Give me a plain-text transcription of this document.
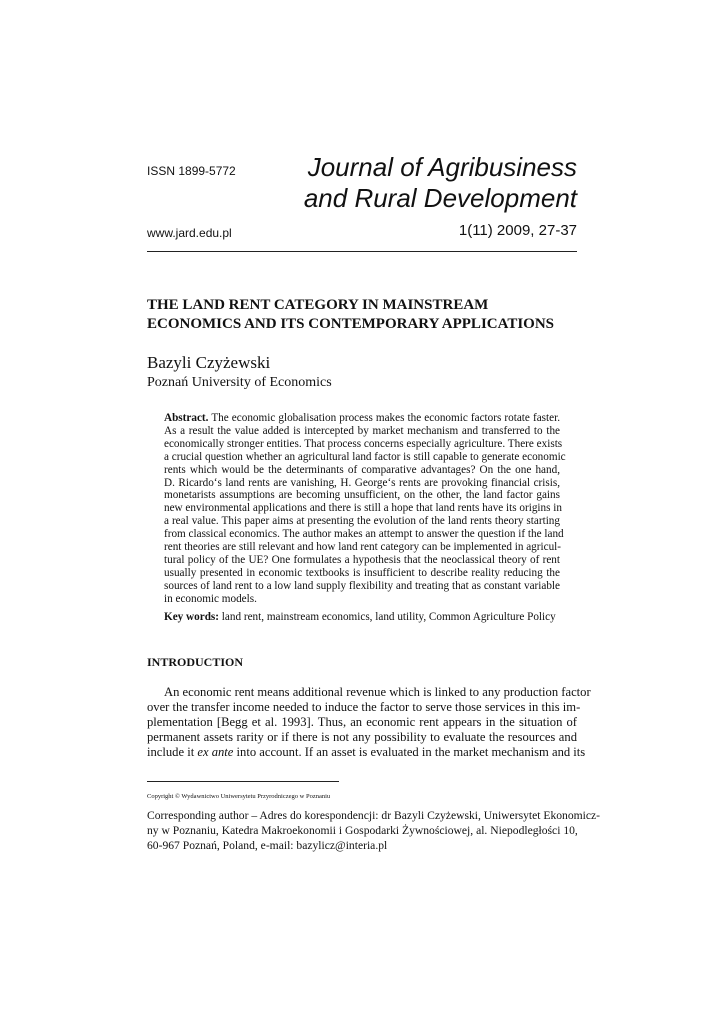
ISSN 1899-5772	Journal of Agribusiness
and Rural Development
www.jard.edu.pl	1(11) 2009, 27-37
THE LAND RENT CATEGORY IN MAINSTREAM
ECONOMICS AND ITS CONTEMPORARY APPLICATIONS
Bazyli Czyżewski
Poznań University of Economics
Abstract. The economic globalisation process makes the economic factors rotate faster.
As a result the value added is intercepted by market mechanism and transferred to the
economically stronger entities. That process concerns especially agriculture. There exists
a crucial question whether an agricultural land factor is still capable to generate economic
rents which would be the determinants of comparative advantages? On the one hand,
D. Ricardo‘s land rents are vanishing, H. George‘s rents are provoking financial crisis,
monetarists assumptions are becoming unsufficient, on the other, the land factor gains
new environmental applications and there is still a hope that land rents have its origins in
a real value. This paper aims at presenting the evolution of the land rents theory starting
from classical economics. The author makes an attempt to answer the question if the land
rent theories are still relevant and how land rent category can be implemented in agricul-
tural policy of the UE? One formulates a hypothesis that the neoclassical theory of rent
usually presented in economic textbooks is insufficient to describe reality reducing the
sources of land rent to a low land supply flexibility and treating that as constant variable
in economic models.
Key words: land rent, mainstream economics, land utility, Common Agriculture Policy
INTRODUCTION
An economic rent means additional revenue which is linked to any production factor
over the transfer income needed to induce the factor to serve those services in this im-
plementation [Begg et al. 1993]. Thus, an economic rent appears in the situation of
permanent assets rarity or if there is not any possibility to evaluate the resources and
include it ex ante into account. If an asset is evaluated in the market mechanism and its
Copyright © Wydawnictwo Uniwersytetu Przyrodniczego w Poznaniu
Corresponding author – Adres do korespondencji: dr Bazyli Czyżewski, Uniwersytet Ekonomicz-
ny w Poznaniu, Katedra Makroekonomii i Gospodarki Żywnościowej, al. Niepodległości 10,
60-967 Poznań, Poland, e-mail: bazylicz@interia.pl
